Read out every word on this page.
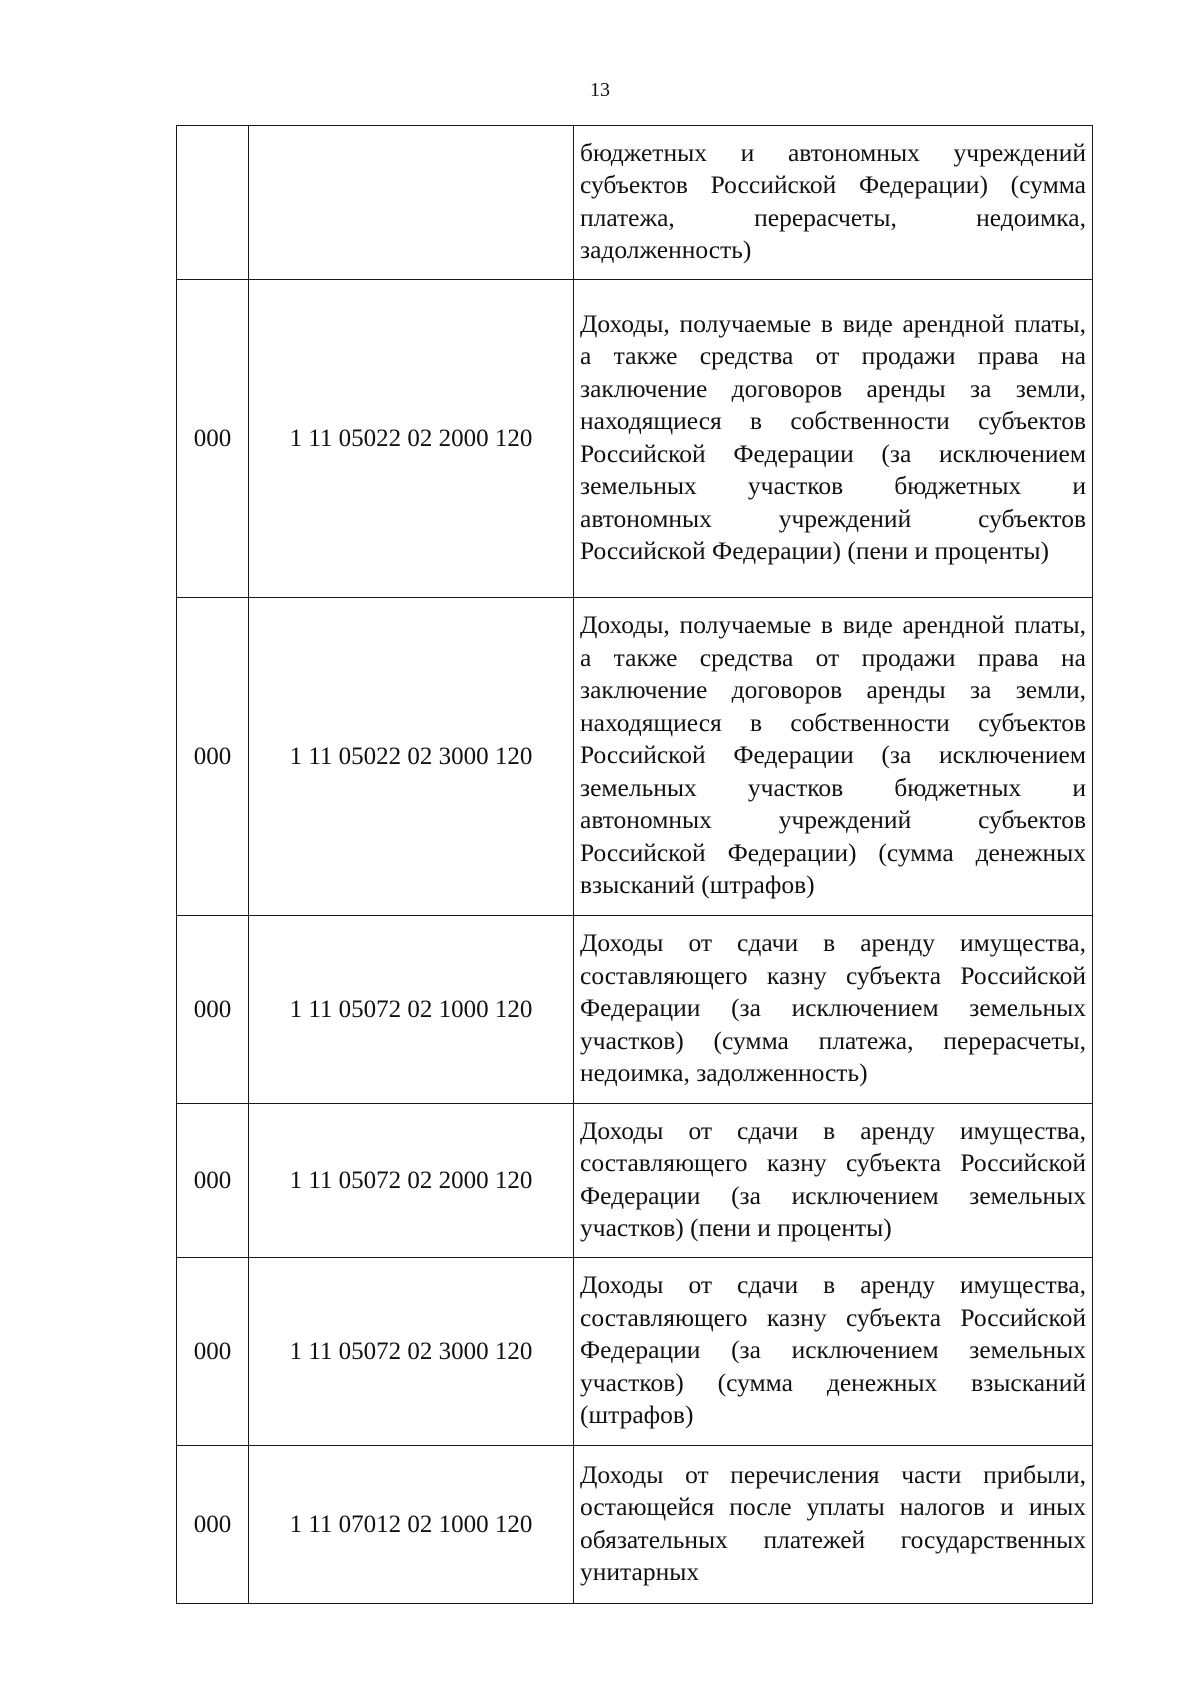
13
		бюджетных и автономных учреждений субъектов Российской Федерации) (сумма платежа, перерасчеты, недоимка, задолженность)
000	1 11 05022 02 2000 120	Доходы, получаемые в виде арендной платы, а также средства от продажи права на заключение договоров аренды за земли, находящиеся в собственности субъектов Российской Федерации (за исключением земельных участков бюджетных и автономных учреждений субъектов Российской Федерации) (пени и проценты)
000	1 11 05022 02 3000 120	Доходы, получаемые в виде арендной платы, а также средства от продажи права на заключение договоров аренды за земли, находящиеся в собственности субъектов Российской Федерации (за исключением земельных участков бюджетных и автономных учреждений субъектов Российской Федерации) (сумма денежных взысканий (штрафов)
000	1 11 05072 02 1000 120	Доходы от сдачи в аренду имущества, составляющего казну субъекта Российской Федерации (за исключением земельных участков) (сумма платежа, перерасчеты, недоимка, задолженность)
000	1 11 05072 02 2000 120	Доходы от сдачи в аренду имущества, составляющего казну субъекта Российской Федерации (за исключением земельных участков) (пени и проценты)
000	1 11 05072 02 3000 120	Доходы от сдачи в аренду имущества, составляющего казну субъекта Российской Федерации (за исключением земельных участков) (сумма денежных взысканий (штрафов)
000	1 11 07012 02 1000 120	Доходы от перечисления части прибыли, остающейся после уплаты налогов и иных обязательных платежей государственных унитарных
